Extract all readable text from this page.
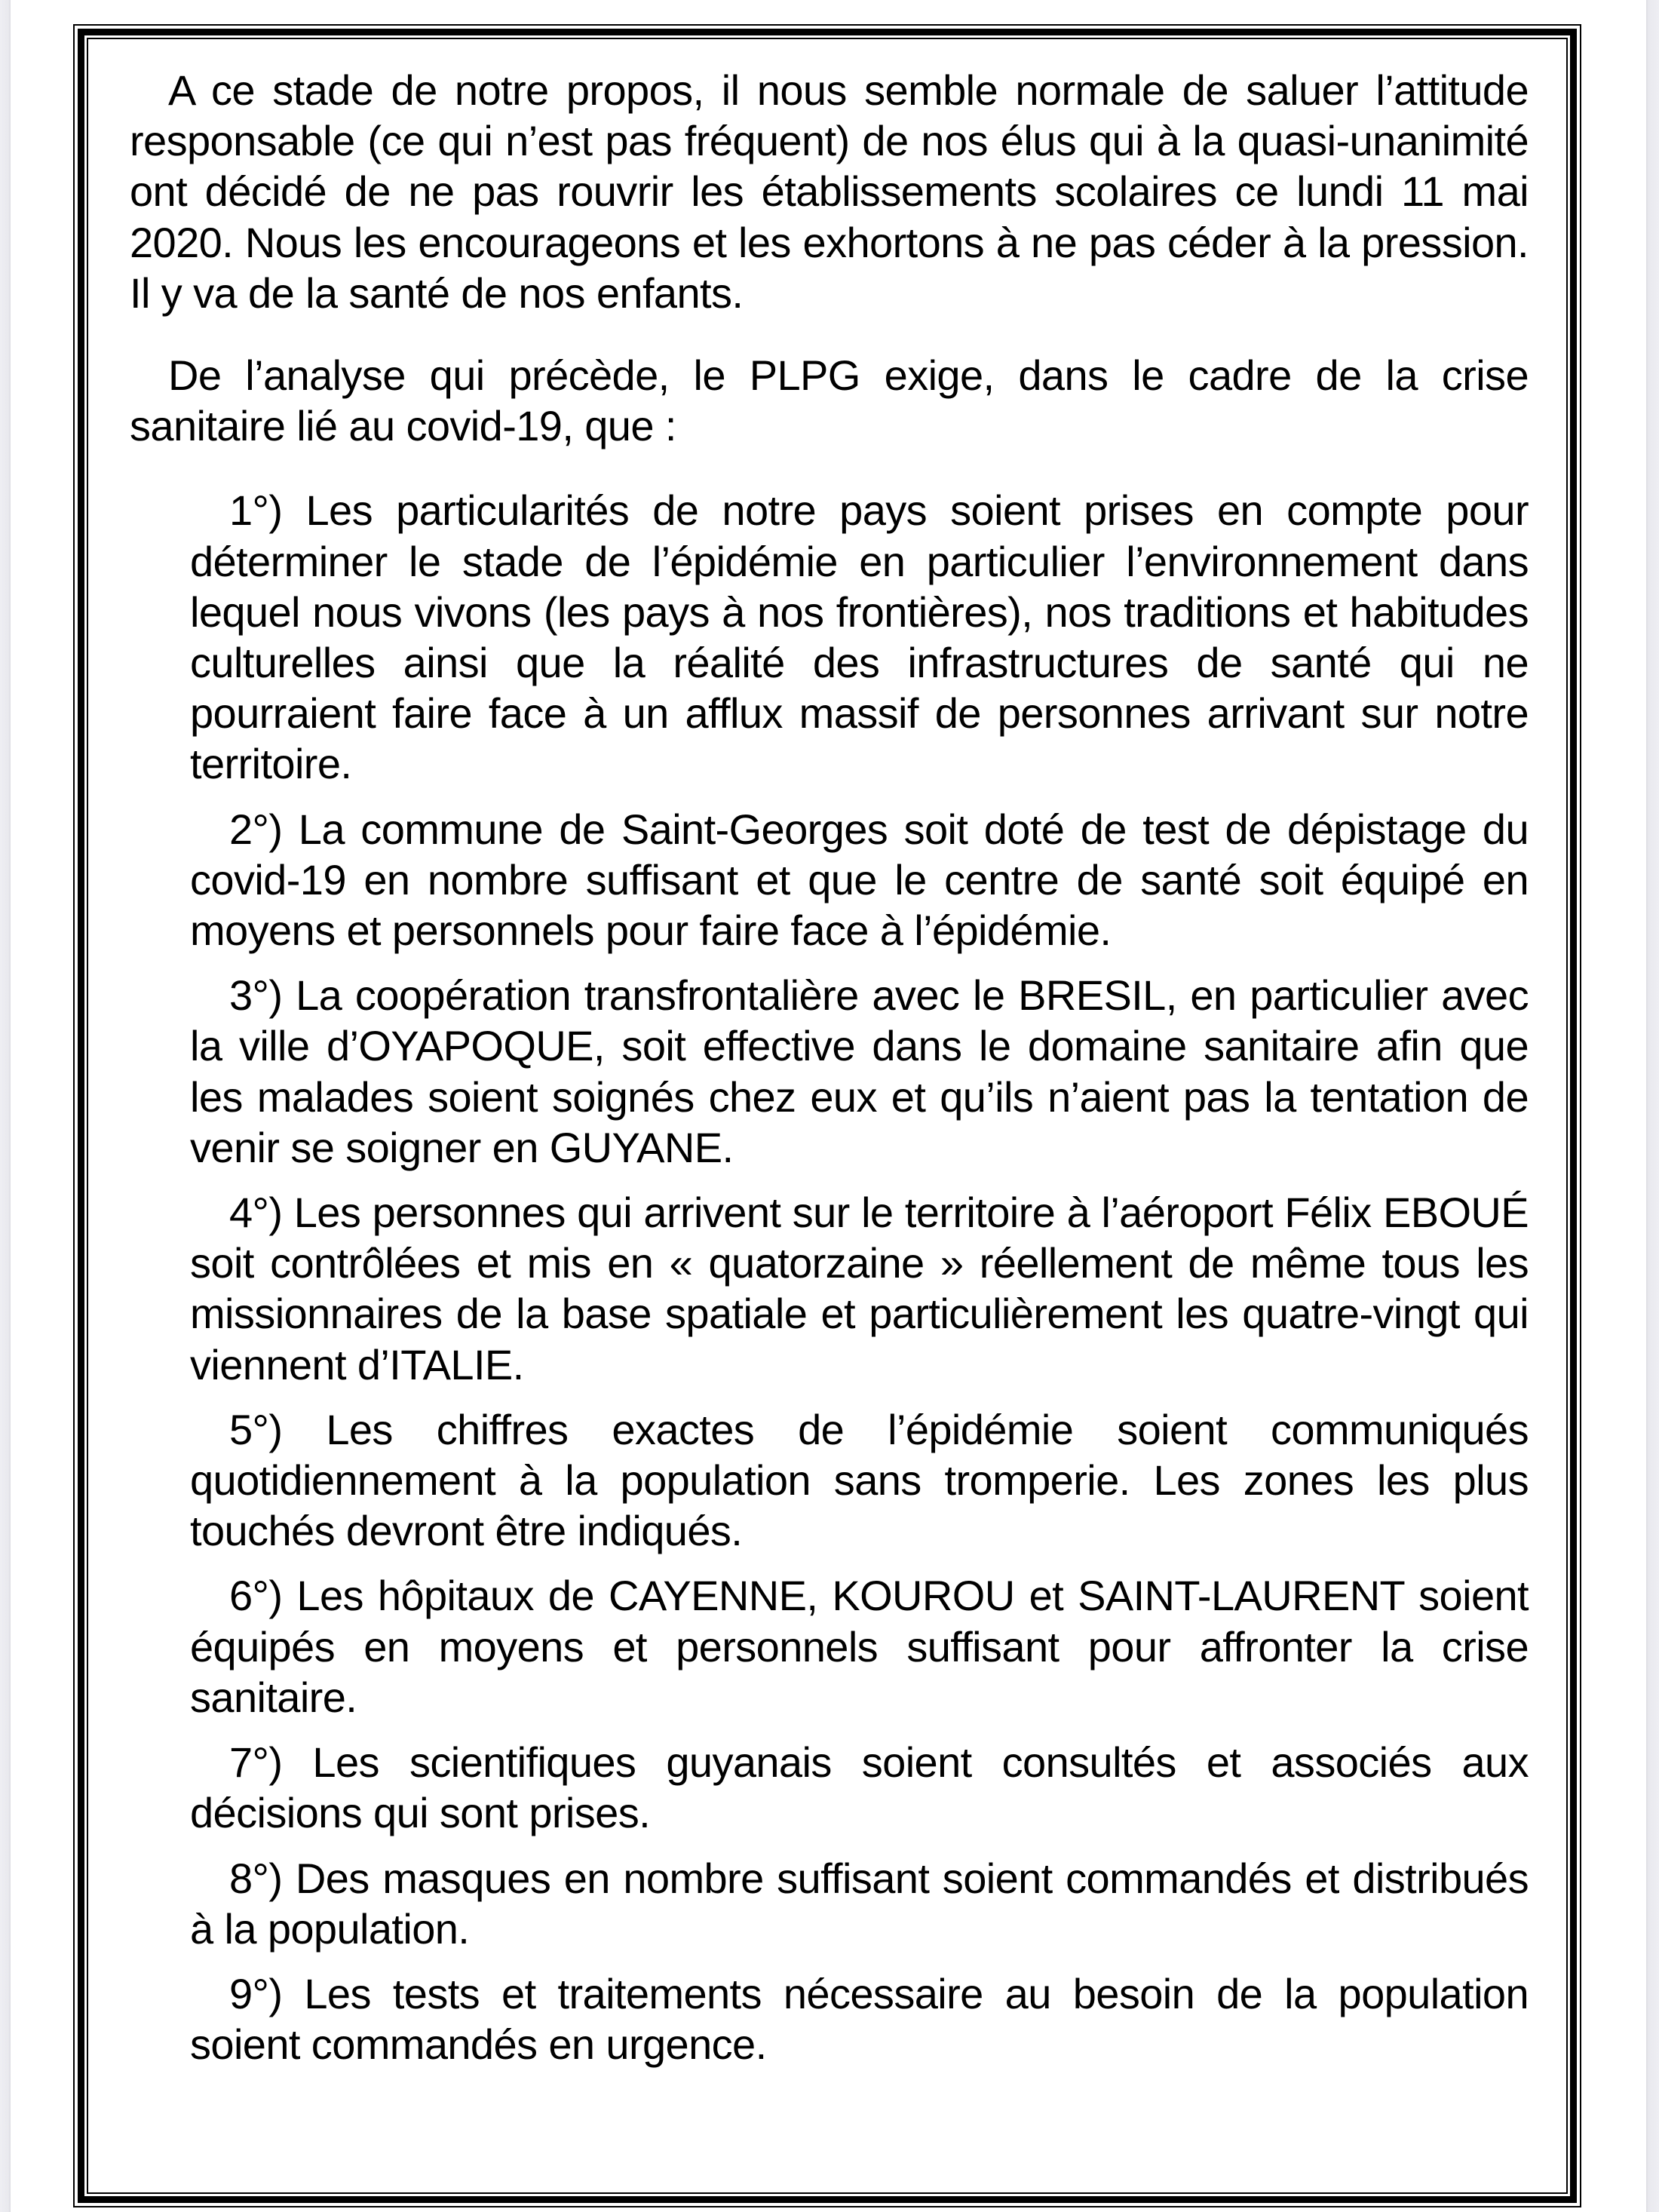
A ce stade de notre propos, il nous semble normale de saluer l’attitude responsable (ce qui n’est pas fréquent) de nos élus qui à la quasi-unanimité ont décidé de ne pas rouvrir les établissements scolaires ce lundi 11 mai 2020. Nous les encourageons et les exhortons à ne pas céder à la pression. Il y va de la santé de nos enfants.

De l’analyse qui précède, le PLPG exige, dans le cadre de la crise sanitaire lié au covid-19, que :

1°) Les particularités de notre pays soient prises en compte pour déterminer le stade de l’épidémie en particulier l’environnement dans lequel nous vivons (les pays à nos frontières), nos traditions et habitudes culturelles ainsi que la réalité des infrastructures de santé qui ne pourraient faire face à un afflux massif de personnes arrivant sur notre territoire.
2°) La commune de Saint-Georges soit doté de test de dépistage du covid-19 en nombre suffisant et que le centre de santé soit équipé en moyens et personnels pour faire face à l’épidémie.
3°) La coopération transfrontalière avec le BRESIL, en particulier avec la ville d’OYAPOQUE, soit effective dans le domaine sanitaire afin que les malades soient soignés chez eux et qu’ils n’aient pas la tentation de venir se soigner en GUYANE.
4°) Les personnes qui arrivent sur le territoire à l’aéroport Félix EBOUÉ soit contrôlées et mis en « quatorzaine » réellement de même tous les missionnaires de la base spatiale et particulièrement les quatre-vingt qui viennent d’ITALIE.
5°) Les chiffres exactes de l’épidémie soient communiqués quotidiennement à la population sans tromperie. Les zones les plus touchés devront être indiqués.
6°) Les hôpitaux de CAYENNE, KOUROU et SAINT-LAURENT soient équipés en moyens et personnels suffisant pour affronter la crise sanitaire.
7°) Les scientifiques guyanais soient consultés et associés aux décisions qui sont prises.
8°) Des masques en nombre suffisant soient commandés et distribués à la population.
9°) Les tests et traitements nécessaire au besoin de la population soient commandés en urgence.
